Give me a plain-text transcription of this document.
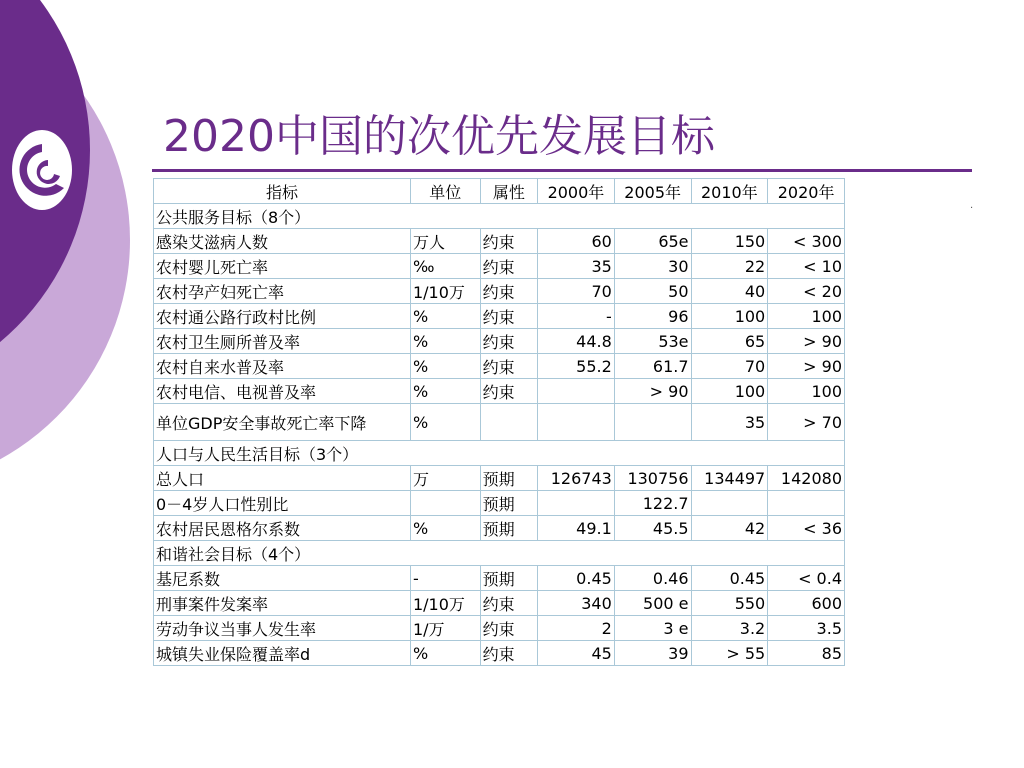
2020中国的次优先发展目标
.
指标	单位	属性	2000年	2005年	2010年	2020年
公共服务目标（8个）						
感染艾滋病人数	万人	约束	60	65e	150	< 300
农村婴儿死亡率	‰	约束	35	30	22	< 10
农村孕产妇死亡率	1/10万	约束	70	50	40	< 20
农村通公路行政村比例	%	约束	-	96	100	100
农村卫生厕所普及率	%	约束	44.8	53e	65	> 90
农村自来水普及率	%	约束	55.2	61.7	70	> 90
农村电信、电视普及率	%	约束		> 90	100	100
单位GDP安全事故死亡率下降	%				35	> 70
人口与人民生活目标（3个）						
总人口	万	预期	126743	130756	134497	142080
0－4岁人口性别比		预期		122.7		
农村居民恩格尔系数	%	预期	49.1	45.5	42	< 36
和谐社会目标（4个）						
基尼系数	-	预期	0.45	0.46	0.45	< 0.4
刑事案件发案率	1/10万	约束	340	500 e	550	600
劳动争议当事人发生率	1/万	约束	2	3 e	3.2	3.5
城镇失业保险覆盖率d	%	约束	45	39	> 55	85
